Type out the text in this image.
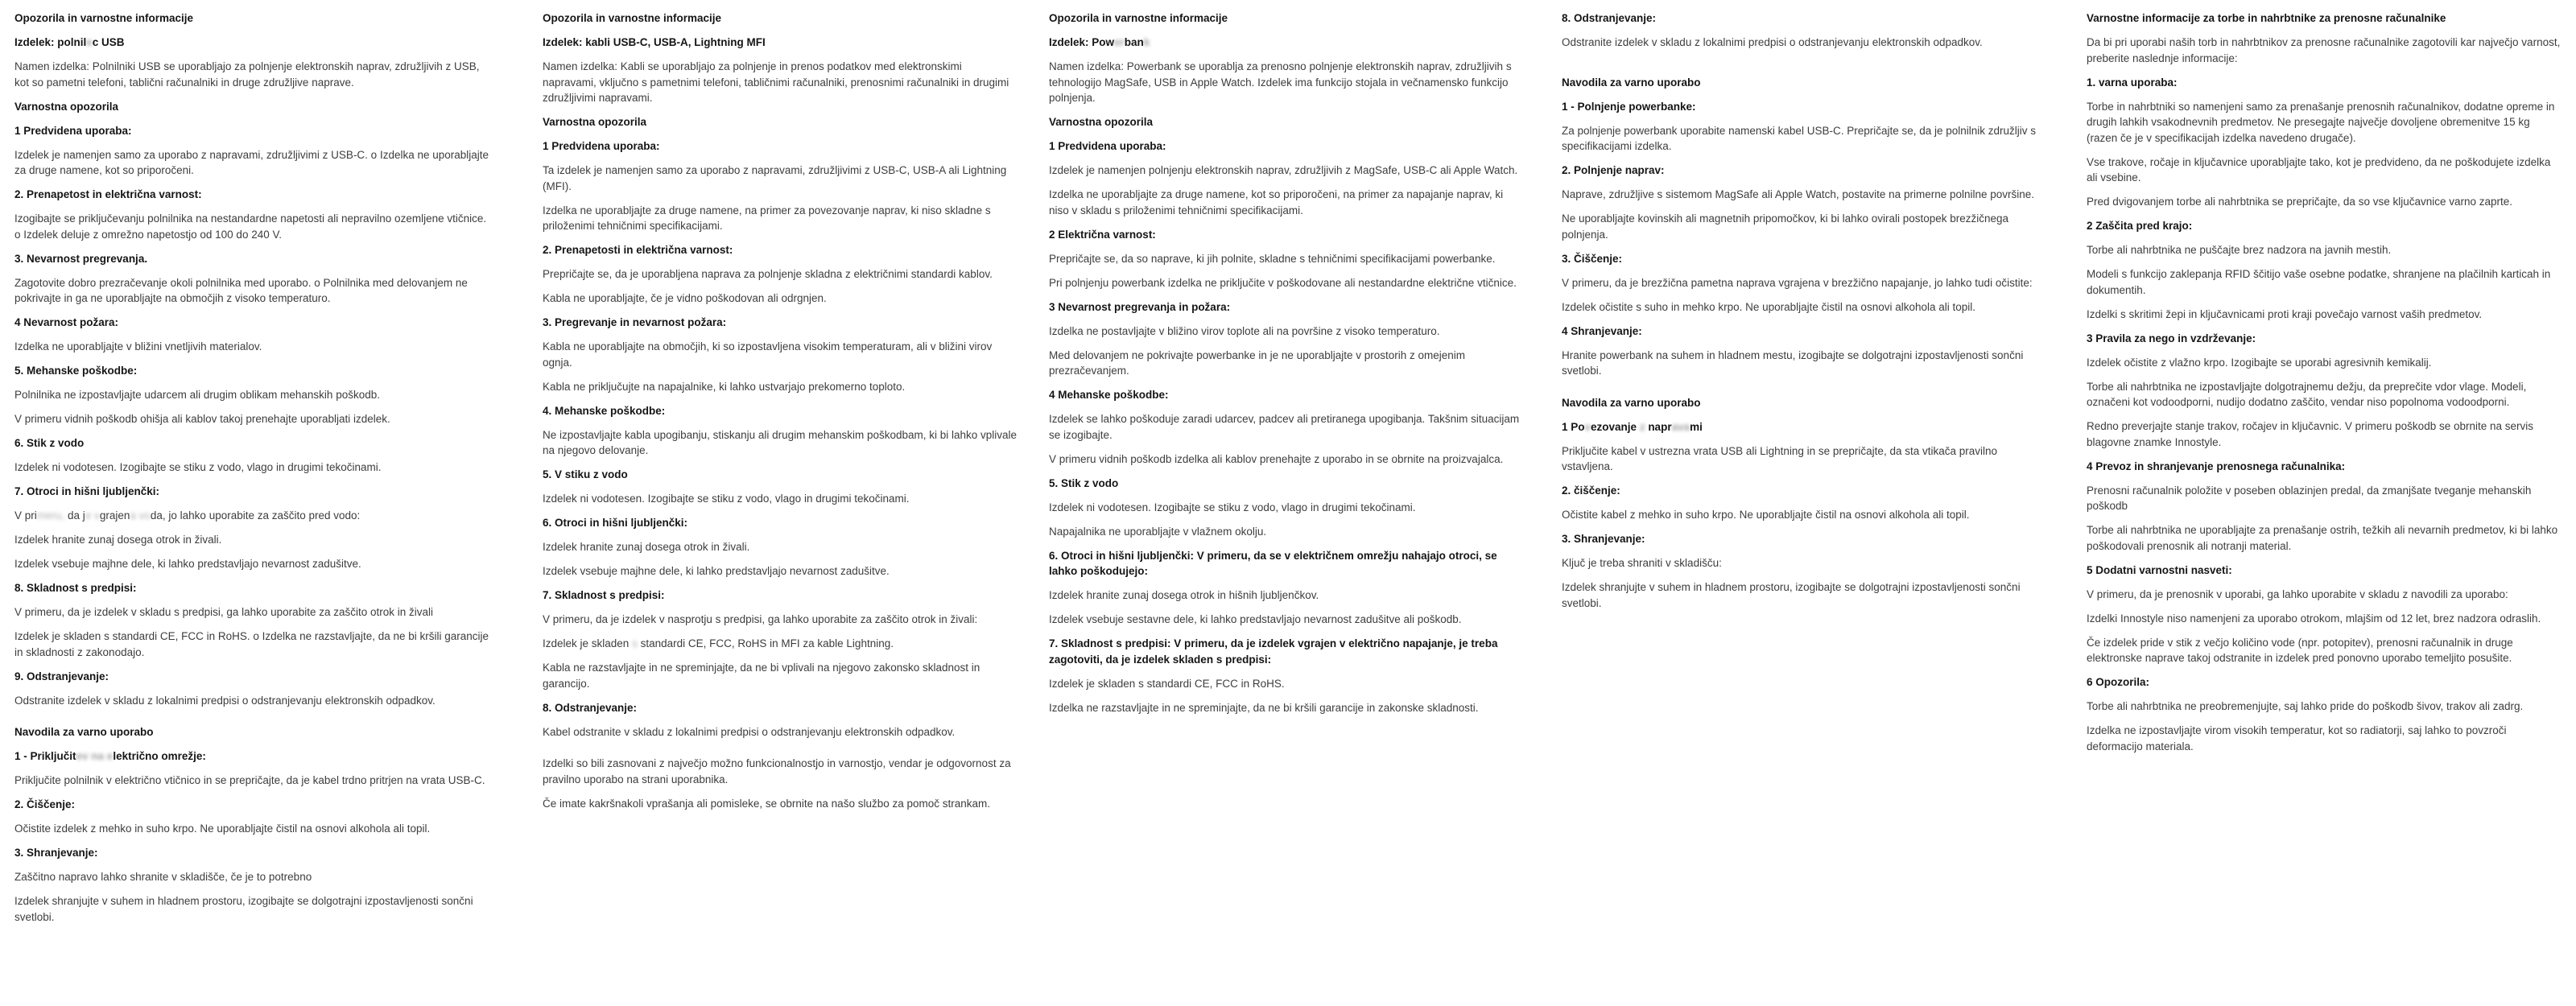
Opozorila in varnostne informacije
Izdelek: polnilec USB
Namen izdelka: Polnilniki USB se uporabljajo za polnjenje elektronskih naprav, združljivih z USB, kot so pametni telefoni, tablični računalniki in druge združljive naprave.
Varnostna opozorila
1 Predvidena uporaba:
Izdelek je namenjen samo za uporabo z napravami, združljivimi z USB-C. o Izdelka ne uporabljajte za druge namene, kot so priporočeni.
2. Prenapetost in električna varnost:
Izogibajte se priključevanju polnilnika na nestandardne napetosti ali nepravilno ozemljene vtičnice. o Izdelek deluje z omrežno napetostjo od 100 do 240 V.
3. Nevarnost pregrevanja.
Zagotovite dobro prezračevanje okoli polnilnika med uporabo. o Polnilnika med delovanjem ne pokrivajte in ga ne uporabljajte na območjih z visoko temperaturo.
4 Nevarnost požara:
Izdelka ne uporabljajte v bližini vnetljivih materialov.
5. Mehanske poškodbe:
Polnilnika ne izpostavljajte udarcem ali drugim oblikam mehanskih poškodb.
V primeru vidnih poškodb ohišja ali kablov takoj prenehajte uporabljati izdelek.
6. Stik z vodo
Izdelek ni vodotesen. Izogibajte se stiku z vodo, vlago in drugimi tekočinami.
7. Otroci in hišni ljubljenčki:
V primeru, da je vgrajena voda, jo lahko uporabite za zaščito pred vodo:
Izdelek hranite zunaj dosega otrok in živali.
Izdelek vsebuje majhne dele, ki lahko predstavljajo nevarnost zadušitve.
8. Skladnost s predpisi:
V primeru, da je izdelek v skladu s predpisi, ga lahko uporabite za zaščito otrok in živali
Izdelek je skladen s standardi CE, FCC in RoHS. o Izdelka ne razstavljajte, da ne bi kršili garancije in skladnosti z zakonodajo.
9. Odstranjevanje:
Odstranite izdelek v skladu z lokalnimi predpisi o odstranjevanju elektronskih odpadkov.
Navodila za varno uporabo
1 - Priključitev na električno omrežje:
Priključite polnilnik v električno vtičnico in se prepričajte, da je kabel trdno pritrjen na vrata USB-C.
2. Čiščenje:
Očistite izdelek z mehko in suho krpo. Ne uporabljajte čistil na osnovi alkohola ali topil.
3. Shranjevanje:
Zaščitno napravo lahko shranite v skladišče, če je to potrebno
Izdelek shranjujte v suhem in hladnem prostoru, izogibajte se dolgotrajni izpostavljenosti sončni svetlobi.
Opozorila in varnostne informacije
Izdelek: kabli USB-C, USB-A, Lightning MFI
Namen izdelka: Kabli se uporabljajo za polnjenje in prenos podatkov med elektronskimi napravami, vključno s pametnimi telefoni, tabličnimi računalniki, prenosnimi računalniki in drugimi združljivimi napravami.
Varnostna opozorila
1 Predvidena uporaba:
Ta izdelek je namenjen samo za uporabo z napravami, združljivimi z USB-C, USB-A ali Lightning (MFI).
Izdelka ne uporabljajte za druge namene, na primer za povezovanje naprav, ki niso skladne s priloženimi tehničnimi specifikacijami.
2. Prenapetosti in električna varnost:
Prepričajte se, da je uporabljena naprava za polnjenje skladna z električnimi standardi kablov.
Kabla ne uporabljajte, če je vidno poškodovan ali odrgnjen.
3. Pregrevanje in nevarnost požara:
Kabla ne uporabljajte na območjih, ki so izpostavljena visokim temperaturam, ali v bližini virov ognja.
Kabla ne priključujte na napajalnike, ki lahko ustvarjajo prekomerno toploto.
4. Mehanske poškodbe:
Ne izpostavljajte kabla upogibanju, stiskanju ali drugim mehanskim poškodbam, ki bi lahko vplivale na njegovo delovanje.
5. V stiku z vodo
Izdelek ni vodotesen. Izogibajte se stiku z vodo, vlago in drugimi tekočinami.
6. Otroci in hišni ljubljenčki:
Izdelek hranite zunaj dosega otrok in živali.
Izdelek vsebuje majhne dele, ki lahko predstavljajo nevarnost zadušitve.
7. Skladnost s predpisi:
V primeru, da je izdelek v nasprotju s predpisi, ga lahko uporabite za zaščito otrok in živali:
Izdelek je skladen s standardi CE, FCC, RoHS in MFI za kable Lightning.
Kabla ne razstavljajte in ne spreminjajte, da ne bi vplivali na njegovo zakonsko skladnost in garancijo.
8. Odstranjevanje:
Kabel odstranite v skladu z lokalnimi predpisi o odstranjevanju elektronskih odpadkov.
Izdelki so bili zasnovani z največjo možno funkcionalnostjo in varnostjo, vendar je odgovornost za pravilno uporabo na strani uporabnika.
Če imate kakršnakoli vprašanja ali pomisleke, se obrnite na našo službo za pomoč strankam.
Opozorila in varnostne informacije
Izdelek: Powerbank
Namen izdelka: Powerbank se uporablja za prenosno polnjenje elektronskih naprav, združljivih s tehnologijo MagSafe, USB in Apple Watch. Izdelek ima funkcijo stojala in večnamensko funkcijo polnjenja.
Varnostna opozorila
1 Predvidena uporaba:
Izdelek je namenjen polnjenju elektronskih naprav, združljivih z MagSafe, USB-C ali Apple Watch.
Izdelka ne uporabljajte za druge namene, kot so priporočeni, na primer za napajanje naprav, ki niso v skladu s priloženimi tehničnimi specifikacijami.
2 Električna varnost:
Prepričajte se, da so naprave, ki jih polnite, skladne s tehničnimi specifikacijami powerbanke.
Pri polnjenju powerbank izdelka ne priključite v poškodovane ali nestandardne električne vtičnice.
3 Nevarnost pregrevanja in požara:
Izdelka ne postavljajte v bližino virov toplote ali na površine z visoko temperaturo.
Med delovanjem ne pokrivajte powerbanke in je ne uporabljajte v prostorih z omejenim prezračevanjem.
4 Mehanske poškodbe:
Izdelek se lahko poškoduje zaradi udarcev, padcev ali pretiranega upogibanja. Takšnim situacijam se izogibajte.
V primeru vidnih poškodb izdelka ali kablov prenehajte z uporabo in se obrnite na proizvajalca.
5. Stik z vodo
Izdelek ni vodotesen. Izogibajte se stiku z vodo, vlago in drugimi tekočinami.
Napajalnika ne uporabljajte v vlažnem okolju.
6. Otroci in hišni ljubljenčki: V primeru, da se v električnem omrežju nahajajo otroci, se lahko poškodujejo:
Izdelek hranite zunaj dosega otrok in hišnih ljubljenčkov.
Izdelek vsebuje sestavne dele, ki lahko predstavljajo nevarnost zadušitve ali poškodb.
7. Skladnost s predpisi: V primeru, da je izdelek vgrajen v električno napajanje, je treba zagotoviti, da je izdelek skladen s predpisi:
Izdelek je skladen s standardi CE, FCC in RoHS.
Izdelka ne razstavljajte in ne spreminjajte, da ne bi kršili garancije in zakonske skladnosti.
8. Odstranjevanje:
Odstranite izdelek v skladu z lokalnimi predpisi o odstranjevanju elektronskih odpadkov.
Navodila za varno uporabo
1 - Polnjenje powerbanke:
Za polnjenje powerbank uporabite namenski kabel USB-C. Prepričajte se, da je polnilnik združljiv s specifikacijami izdelka.
2. Polnjenje naprav:
Naprave, združljive s sistemom MagSafe ali Apple Watch, postavite na primerne polnilne površine.
Ne uporabljajte kovinskih ali magnetnih pripomočkov, ki bi lahko ovirali postopek brezžičnega polnjenja.
3. Čiščenje:
V primeru, da je brezžična pametna naprava vgrajena v brezžično napajanje, jo lahko tudi očistite:
Izdelek očistite s suho in mehko krpo. Ne uporabljajte čistil na osnovi alkohola ali topil.
4 Shranjevanje:
Hranite powerbank na suhem in hladnem mestu, izogibajte se dolgotrajni izpostavljenosti sončni svetlobi.
Navodila za varno uporabo
1 Povezovanje z napravami
Priključite kabel v ustrezna vrata USB ali Lightning in se prepričajte, da sta vtikača pravilno vstavljena.
2. čiščenje:
Očistite kabel z mehko in suho krpo. Ne uporabljajte čistil na osnovi alkohola ali topil.
3. Shranjevanje:
Ključ je treba shraniti v skladišču:
Izdelek shranjujte v suhem in hladnem prostoru, izogibajte se dolgotrajni izpostavljenosti sončni svetlobi.
Varnostne informacije za torbe in nahrbtnike za prenosne računalnike
Da bi pri uporabi naših torb in nahrbtnikov za prenosne računalnike zagotovili kar največjo varnost, preberite naslednje informacije:
1. varna uporaba:
Torbe in nahrbtniki so namenjeni samo za prenašanje prenosnih računalnikov, dodatne opreme in drugih lahkih vsakodnevnih predmetov. Ne presegajte največje dovoljene obremenitve 15 kg (razen če je v specifikacijah izdelka navedeno drugače).
Vse trakove, ročaje in ključavnice uporabljajte tako, kot je predvideno, da ne poškodujete izdelka ali vsebine.
Pred dvigovanjem torbe ali nahrbtnika se prepričajte, da so vse ključavnice varno zaprte.
2 Zaščita pred krajo:
Torbe ali nahrbtnika ne puščajte brez nadzora na javnih mestih.
Modeli s funkcijo zaklepanja RFID ščitijo vaše osebne podatke, shranjene na plačilnih karticah in dokumentih.
Izdelki s skritimi žepi in ključavnicami proti kraji povečajo varnost vaših predmetov.
3 Pravila za nego in vzdrževanje:
Izdelek očistite z vlažno krpo. Izogibajte se uporabi agresivnih kemikalij.
Torbe ali nahrbtnika ne izpostavljajte dolgotrajnemu dežju, da preprečite vdor vlage. Modeli, označeni kot vodoodporni, nudijo dodatno zaščito, vendar niso popolnoma vodoodporni.
Redno preverjajte stanje trakov, ročajev in ključavnic. V primeru poškodb se obrnite na servis blagovne znamke Innostyle.
4 Prevoz in shranjevanje prenosnega računalnika:
Prenosni računalnik položite v poseben oblazinjen predal, da zmanjšate tveganje mehanskih poškodb
Torbe ali nahrbtnika ne uporabljajte za prenašanje ostrih, težkih ali nevarnih predmetov, ki bi lahko poškodovali prenosnik ali notranji material.
5 Dodatni varnostni nasveti:
V primeru, da je prenosnik v uporabi, ga lahko uporabite v skladu z navodili za uporabo:
Izdelki Innostyle niso namenjeni za uporabo otrokom, mlajšim od 12 let, brez nadzora odraslih.
Če izdelek pride v stik z večjo količino vode (npr. potopitev), prenosni računalnik in druge elektronske naprave takoj odstranite in izdelek pred ponovno uporabo temeljito posušite.
6 Opozorila:
Torbe ali nahrbtnika ne preobremenjujte, saj lahko pride do poškodb šivov, trakov ali zadrg.
Izdelka ne izpostavljajte virom visokih temperatur, kot so radiatorji, saj lahko to povzroči deformacijo materiala.
